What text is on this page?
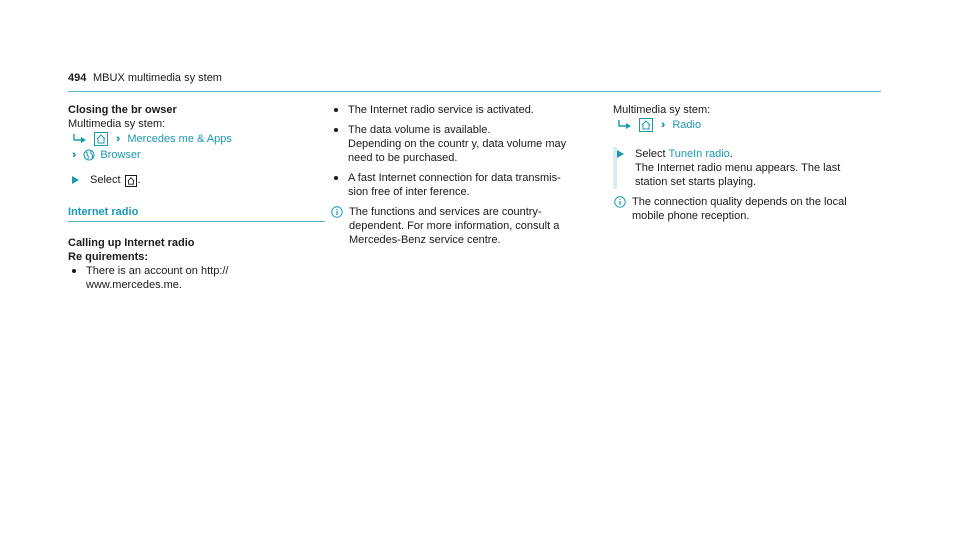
494 MBUX multimedia sy stem
Closing the br owser
Multimedia sy stem:
›› Mercedes me & Apps
›› Browser
Select .
Internet radio
Calling up Internet radio
Re quirements:
There is an account on http://
www.mercedes.me.
The Internet radio service is activated.
The data volume is available.
Depending on the countr y, data volume may
need to be purchased.
A fast Internet connection for data transmis‐
sion free of inter ference.
The functions and services are country-
dependent. For more information, consult a
Mercedes-Benz service centre.
Multimedia sy stem:
›› Radio
Select TuneIn radio.
The Internet radio menu appears. The last
station set starts playing.
The connection quality depends on the local
mobile phone reception.
